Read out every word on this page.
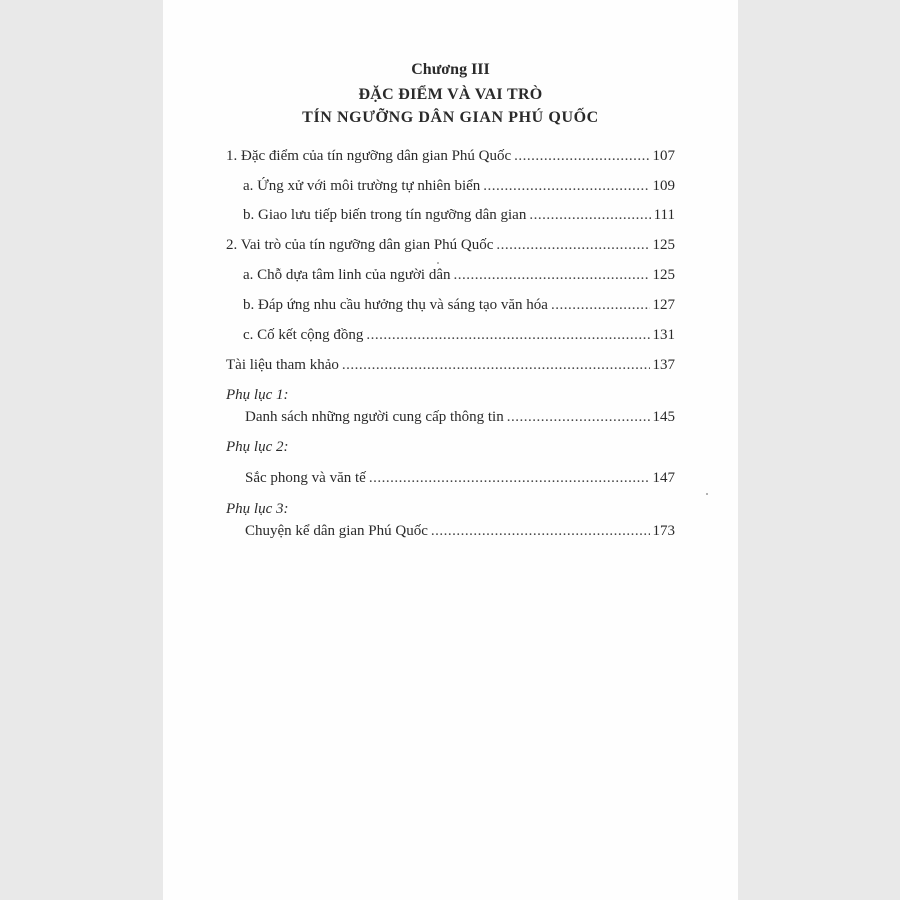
Chương III
ĐẶC ĐIỂM VÀ VAI TRÒ
TÍN NGƯỠNG DÂN GIAN PHÚ QUỐC
1. Đặc điểm của tín ngưỡng dân gian Phú Quốc .....	107
a. Ứng xử với môi trường tự nhiên biển .....	109
b. Giao lưu tiếp biến trong tín ngưỡng dân gian .....	111
2. Vai trò của tín ngưỡng dân gian Phú Quốc .....	125
a. Chỗ dựa tâm linh của người dân .....	125
b. Đáp ứng nhu cầu hưởng thụ và sáng tạo văn hóa .....	127
c. Cố kết cộng đồng .....	131
Tài liệu tham khảo .....	137
Phụ lục 1:
Danh sách những người cung cấp thông tin .....	145
Phụ lục 2:
Sắc phong và văn tế .....	147
Phụ lục 3:
Chuyện kể dân gian Phú Quốc .....	173
